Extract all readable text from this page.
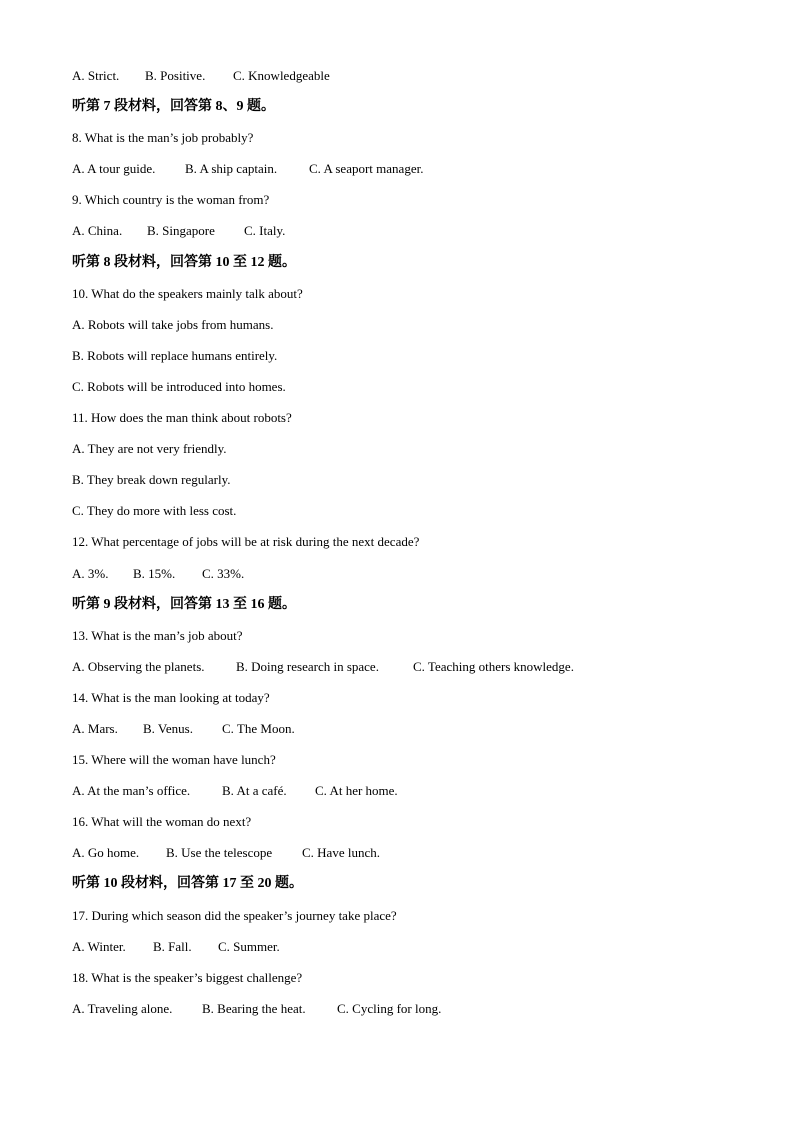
A. Strict. B. Positive. C. Knowledgeable
听第 7 段材料，回答第 8、9 题。
8. What is the man’s job probably?
A. A tour guide. B. A ship captain. C. A seaport manager.
9. Which country is the woman from?
A. China. B. Singapore C. Italy.
听第 8 段材料，回答第 10 至 12 题。
10. What do the speakers mainly talk about?
A. Robots will take jobs from humans.
B. Robots will replace humans entirely.
C. Robots will be introduced into homes.
11. How does the man think about robots?
A. They are not very friendly.
B. They break down regularly.
C. They do more with less cost.
12. What percentage of jobs will be at risk during the next decade?
A. 3%. B. 15%. C. 33%.
听第 9 段材料，回答第 13 至 16 题。
13. What is the man’s job about?
A. Observing the planets. B. Doing research in space.	C. Teaching others knowledge.
14. What is the man looking at today?
A. Mars. B. Venus. C. The Moon.
15. Where will the woman have lunch?
A. At the man’s office. B. At a café. C. At her home.
16. What will the woman do next?
A. Go home. B. Use the telescope C. Have lunch.
听第 10 段材料，回答第 17 至 20 题。
17. During which season did the speaker’s journey take place?
A. Winter. B. Fall. C. Summer.
18. What is the speaker’s biggest challenge?
A. Traveling alone. B. Bearing the heat. C. Cycling for long.
